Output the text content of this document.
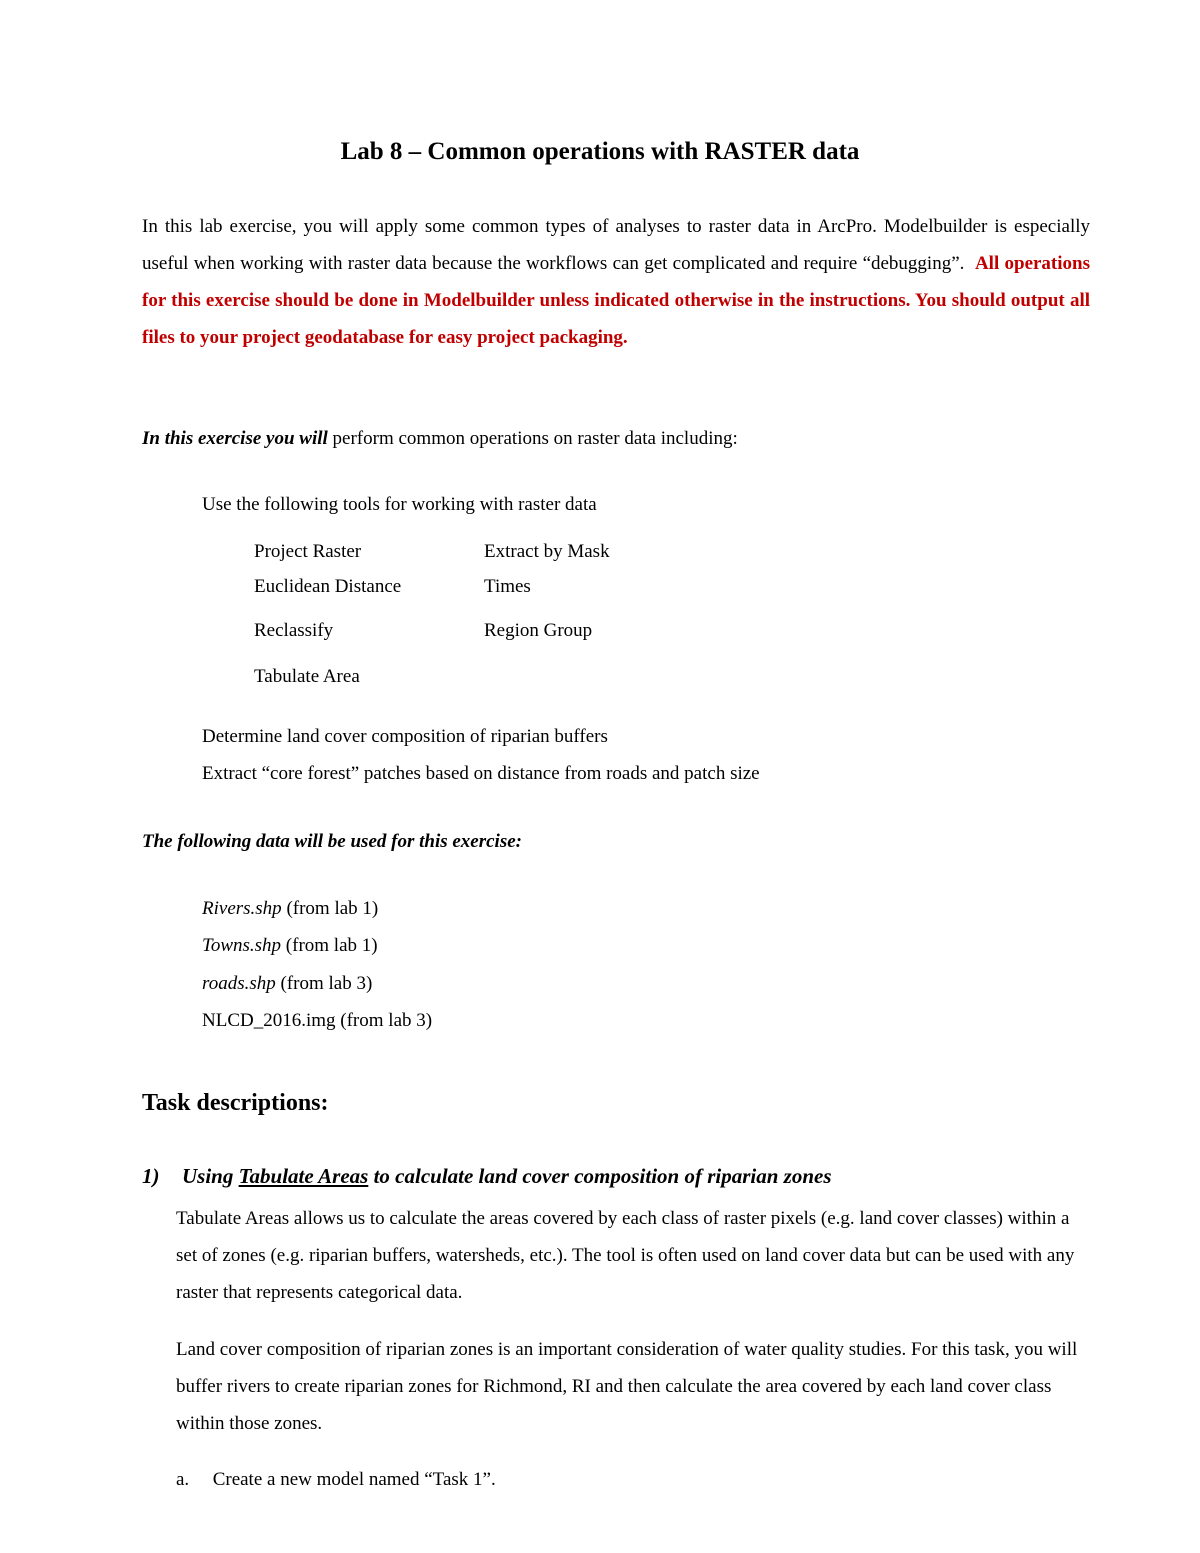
Lab 8 – Common operations with RASTER data

In this lab exercise, you will apply some common types of analyses to raster data in ArcPro. Modelbuilder is especially useful when working with raster data because the workflows can get complicated and require “debugging”. All operations for this exercise should be done in Modelbuilder unless indicated otherwise in the instructions. You should output all files to your project geodatabase for easy project packaging.

In this exercise you will perform common operations on raster data including:
Use the following tools for working with raster data
Project Raster	Extract by Mask
Euclidean Distance	Times
Reclassify	Region Group
Tabulate Area
Determine land cover composition of riparian buffers
Extract “core forest” patches based on distance from roads and patch size
The following data will be used for this exercise:
Rivers.shp (from lab 1)
Towns.shp (from lab 1)
roads.shp (from lab 3)
NLCD_2016.img (from lab 3)
Task descriptions:
1) Using Tabulate Areas to calculate land cover composition of riparian zones

Tabulate Areas allows us to calculate the areas covered by each class of raster pixels (e.g. land cover classes) within a set of zones (e.g. riparian buffers, watersheds, etc.). The tool is often used on land cover data but can be used with any raster that represents categorical data.

Land cover composition of riparian zones is an important consideration of water quality studies. For this task, you will buffer rivers to create riparian zones for Richmond, RI and then calculate the area covered by each land cover class within those zones.

a. Create a new model named “Task 1”.
